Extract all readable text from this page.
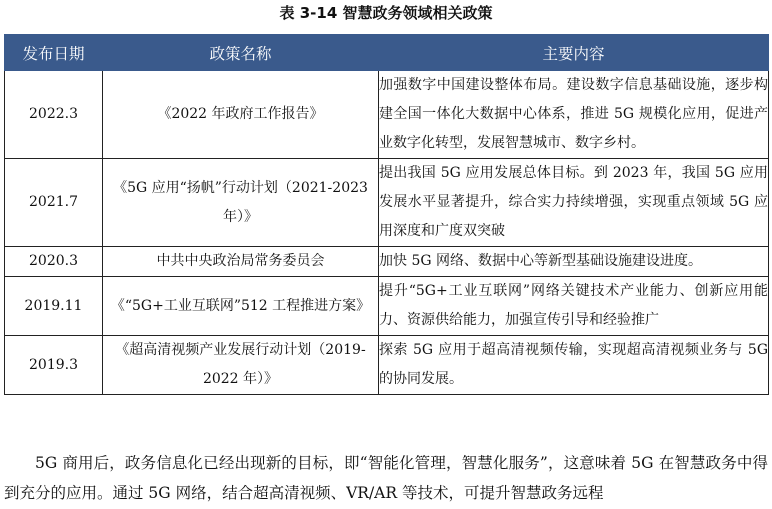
表 3-14 智慧政务领域相关政策
发布日期	政策名称	主要内容
2022.3	《2022 年政府工作报告》	加强数字中国建设整体布局。建设数字信息基础设施，逐步构建全国一体化大数据中心体系，推进 5G 规模化应用，促进产业数字化转型，发展智慧城市、数字乡村。
2021.7	《5G 应用“扬帆”行动计划（2021-2023 年）》	提出我国 5G 应用发展总体目标。到 2023 年，我国 5G 应用发展水平显著提升，综合实力持续增强，实现重点领域 5G 应用深度和广度双突破
2020.3	中共中央政治局常务委员会	加快 5G 网络、数据中心等新型基础设施建设进度。
2019.11	《“5G+工业互联网”512 工程推进方案》	提升“5G+工业互联网”网络关键技术产业能力、创新应用能力、资源供给能力，加强宣传引导和经验推广
2019.3	《超高清视频产业发展行动计划（2019-2022 年）》	探索 5G 应用于超高清视频传输，实现超高清视频业务与 5G 的协同发展。

5G 商用后，政务信息化已经出现新的目标，即“智能化管理，智慧化服务”，这意味着 5G 在智慧政务中得到充分的应用。通过 5G 网络，结合超高清视频、VR/AR 等技术，可提升智慧政务远程
